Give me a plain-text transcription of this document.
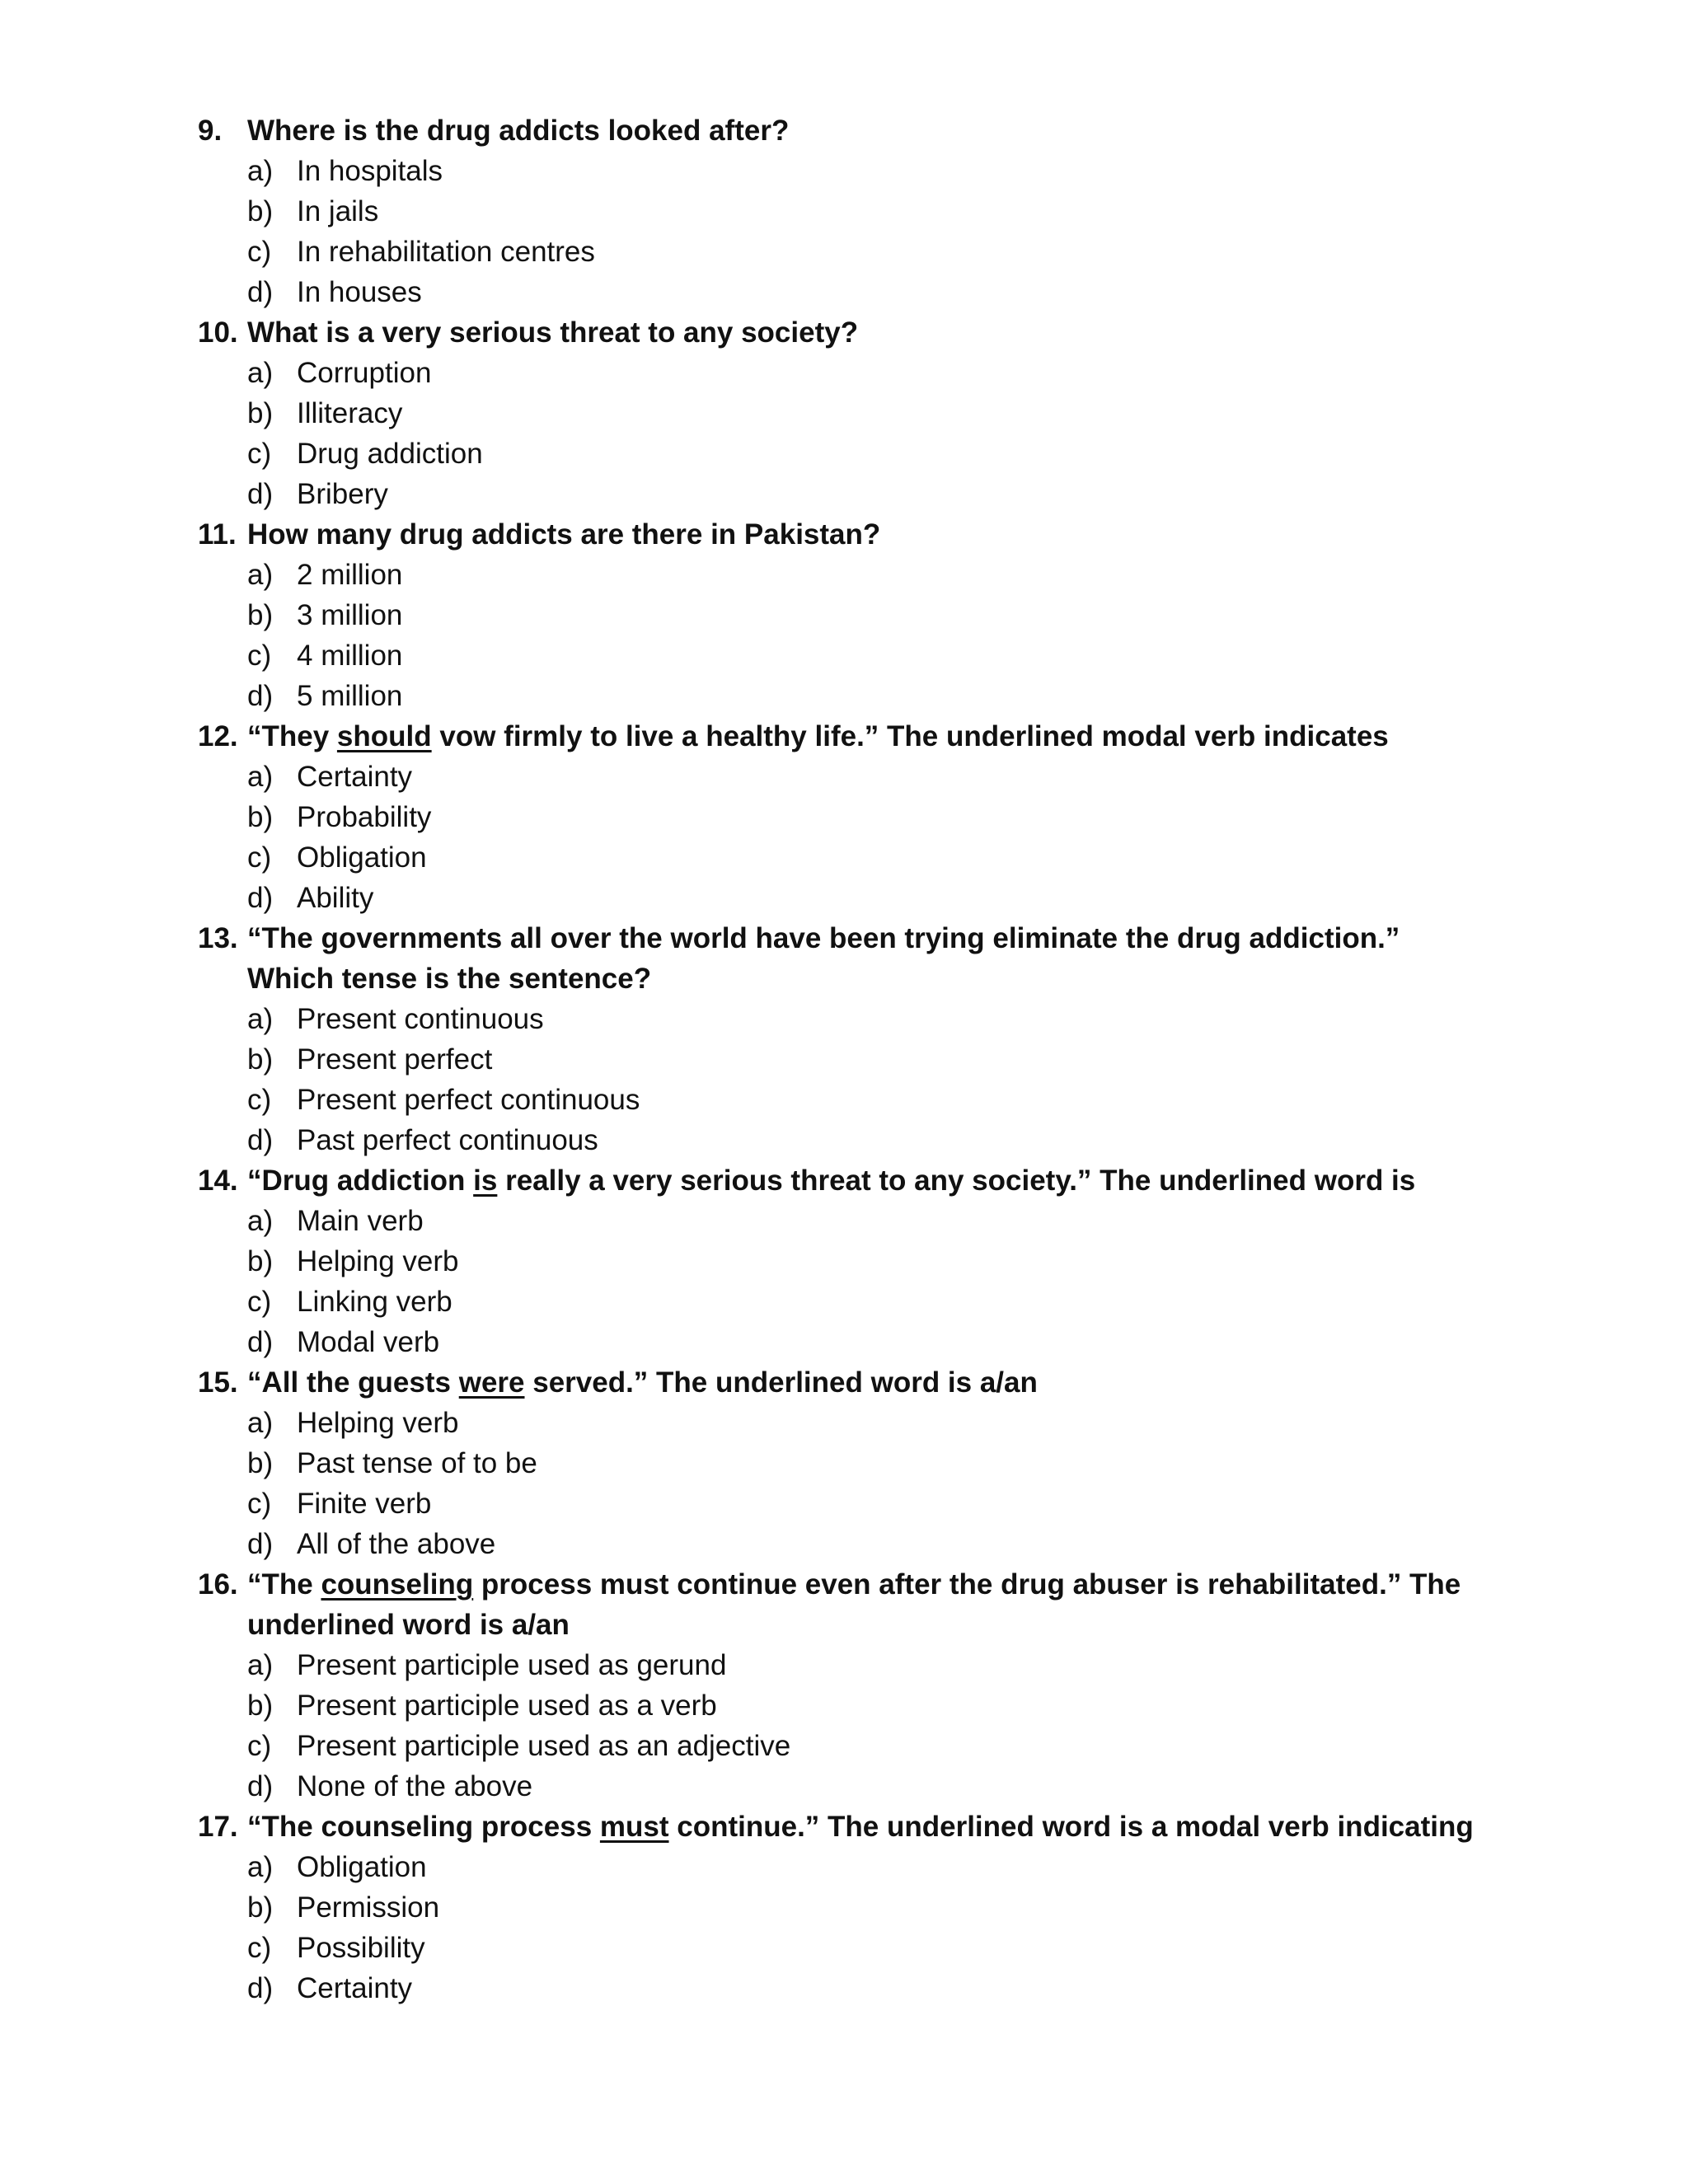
9. Where is the drug addicts looked after?
a) In hospitals
b) In jails
c) In rehabilitation centres
d) In houses
10. What is a very serious threat to any society?
a) Corruption
b) Illiteracy
c) Drug addiction
d) Bribery
11. How many drug addicts are there in Pakistan?
a) 2 million
b) 3 million
c) 4 million
d) 5 million
12. “They should vow firmly to live a healthy life.” The underlined modal verb indicates
a) Certainty
b) Probability
c) Obligation
d) Ability
13. “The governments all over the world have been trying eliminate the drug addiction.”
Which tense is the sentence?
a) Present continuous
b) Present perfect
c) Present perfect continuous
d) Past perfect continuous
14. “Drug addiction is really a very serious threat to any society.” The underlined word is
a) Main verb
b) Helping verb
c) Linking verb
d) Modal verb
15. “All the guests were served.” The underlined word is a/an
a) Helping verb
b) Past tense of to be
c) Finite verb
d) All of the above
16. “The counseling process must continue even after the drug abuser is rehabilitated.” The
underlined word is a/an
a) Present participle used as gerund
b) Present participle used as a verb
c) Present participle used as an adjective
d) None of the above
17. “The counseling process must continue.” The underlined word is a modal verb indicating
a) Obligation
b) Permission
c) Possibility
d) Certainty
